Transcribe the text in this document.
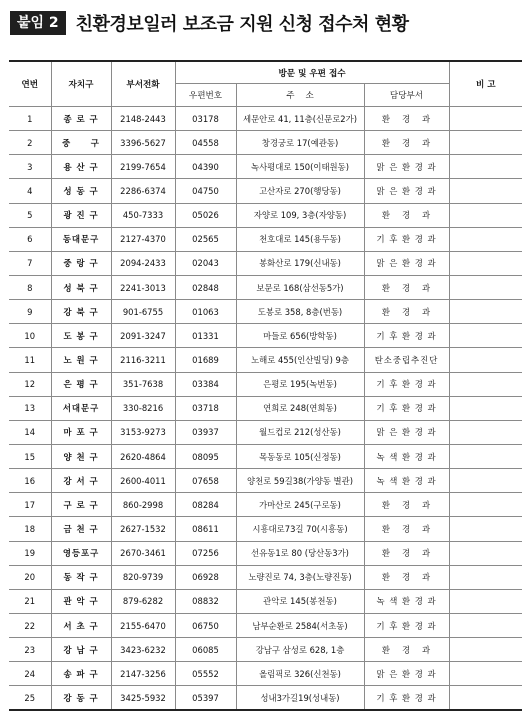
붙임 2 친환경보일러 보조금 지원 신청 접수처 현황
연번	자치구	부서전화	방문 및 우편 접수			비 고
			우편번호	주    소	담당부서	
1	종 로 구	2148-2443	03178	세문안로 41, 11층(신문로2가)	환   경   과	
2	중     구	3396-5627	04558	창경궁로 17(예관동)	환   경   과	
3	용 산 구	2199-7654	04390	녹사평대로 150(이태원동)	맑 은 환 경 과	
4	성 동 구	2286-6374	04750	고산자로 270(행당동)	맑 은 환 경 과	
5	광 진 구	450-7333	05026	자양로 109, 3층(자양동)	환   경   과	
6	동대문구	2127-4370	02565	천호대로 145(용두동)	기 후 환 경 과	
7	중 랑 구	2094-2433	02043	봉화산로 179(신내동)	맑 은 환 경 과	
8	성 북 구	2241-3013	02848	보문로 168(삼선동5가)	환   경   과	
9	강 북 구	901-6755	01063	도봉로 358, 8층(번동)	환   경   과	
10	도 봉 구	2091-3247	01331	마들로 656(방학동)	기 후 환 경 과	
11	노 원 구	2116-3211	01689	노해로 455(인산빌딩) 9층	탄소중립추진단	
12	은 평 구	351-7638	03384	은평로 195(녹번동)	기 후 환 경 과	
13	서대문구	330-8216	03718	연희로 248(연희동)	기 후 환 경 과	
14	마 포 구	3153-9273	03937	월드컵로 212(성산동)	맑 은 환 경 과	
15	양 천 구	2620-4864	08095	목동동로 105(신정동)	녹 색 환 경 과	
16	강 서 구	2600-4011	07658	양천로 59길38(가양동 별관)	녹 색 환 경 과	
17	구 로 구	860-2998	08284	가마산로 245(구로동)	환   경   과	
18	금 천 구	2627-1532	08611	시흥대로73길 70(시흥동)	환   경   과	
19	영등포구	2670-3461	07256	선유동1로 80 (당산동3가)	환   경   과	
20	동 작 구	820-9739	06928	노량진로 74, 3층(노량진동)	환   경   과	
21	관 악 구	879-6282	08832	관악로 145(봉천동)	녹 색 환 경 과	
22	서 초 구	2155-6470	06750	남부순환로 2584(서초동)	기 후 환 경 과	
23	강 남 구	3423-6232	06085	강남구 삼성로 628, 1층	환   경   과	
24	송 파 구	2147-3256	05552	올림픽로 326(신천동)	맑 은 환 경 과	
25	강 동 구	3425-5932	05397	성내3가길19(성내동)	기 후 환 경 과	
